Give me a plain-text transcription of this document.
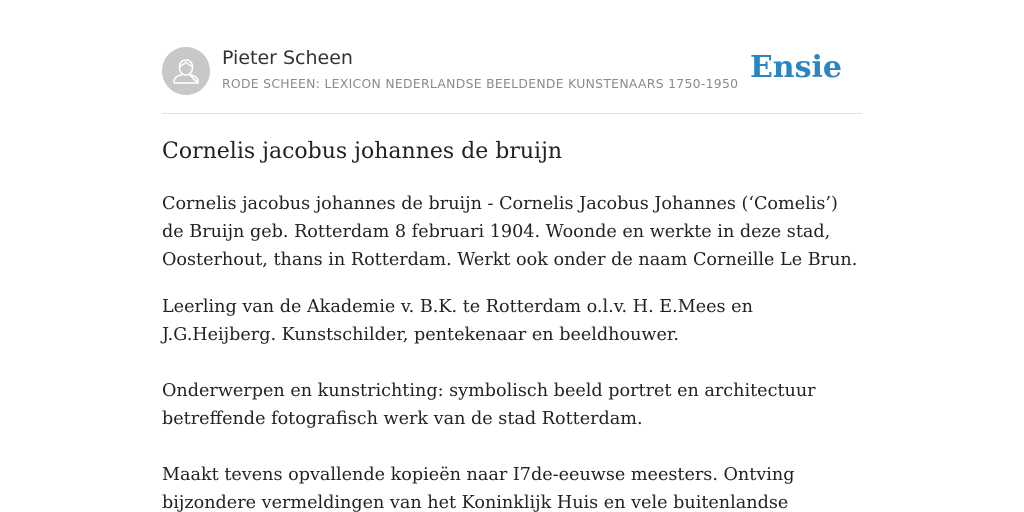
Pieter Scheen
RODE SCHEEN: LEXICON NEDERLANDSE BEELDENDE KUNSTENAARS 1750-1950 Ensie
Cornelis jacobus johannes de bruijn

Cornelis jacobus johannes de bruijn - Cornelis Jacobus Johannes (‘Comelis’) de Bruijn geb. Rotterdam 8 februari 1904. Woonde en werkte in deze stad, Oosterhout, thans in Rotterdam. Werkt ook onder de naam Corneille Le Brun.

Leerling van de Akademie v. B.K. te Rotterdam o.l.v. H. E.Mees en J.G.Heijberg. Kunstschilder, pentekenaar en beeldhouwer.

Onderwerpen en kunstrichting: symbolisch beeld portret en architectuur betreffende fotografisch werk van de stad Rotterdam.

Maakt tevens opvallende kopieën naar I7de-eeuwse meesters. Ontving bijzondere vermeldingen van het Koninklijk Huis en vele buitenlandse
